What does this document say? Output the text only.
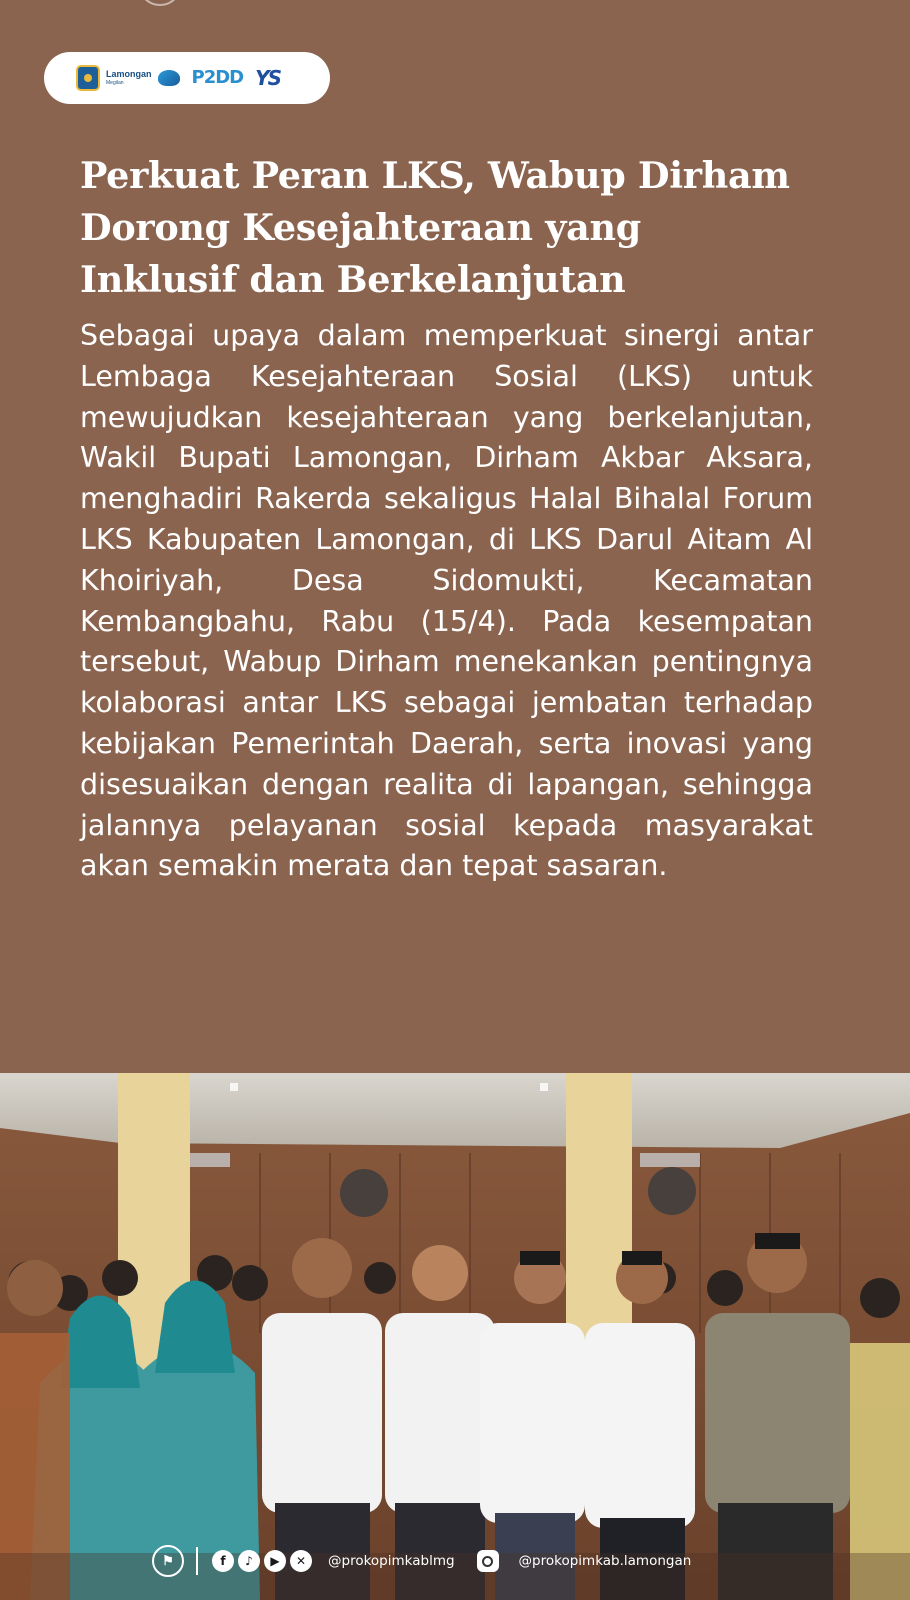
Lamongan
Megilan	P2DD YS
Perkuat Peran LKS, Wabup Dirham
Dorong Kesejahteraan yang
Inklusif dan Berkelanjutan

Sebagai upaya dalam memperkuat sinergi antar Lembaga Kesejahteraan Sosial (LKS) untuk mewujudkan kesejahteraan yang berkelanjutan, Wakil Bupati Lamongan, Dirham Akbar Aksara, menghadiri Rakerda sekaligus Halal Bihalal Forum LKS Kabupaten Lamongan, di LKS Darul Aitam Al Khoiriyah, Desa Sidomukti, Kecamatan Kembangbahu, Rabu (15/4). Pada kesempatan tersebut, Wabup Dirham menekankan pentingnya kolaborasi antar LKS sebagai jembatan terhadap kebijakan Pemerintah Daerah, serta inovasi yang disesuaikan dengan realita di lapangan, sehingga jalannya pelayanan sosial kepada masyarakat akan semakin merata dan tepat sasaran.

⚑	f	♪	▶	✕	@prokopimkablmg	@prokopimkab.lamongan
